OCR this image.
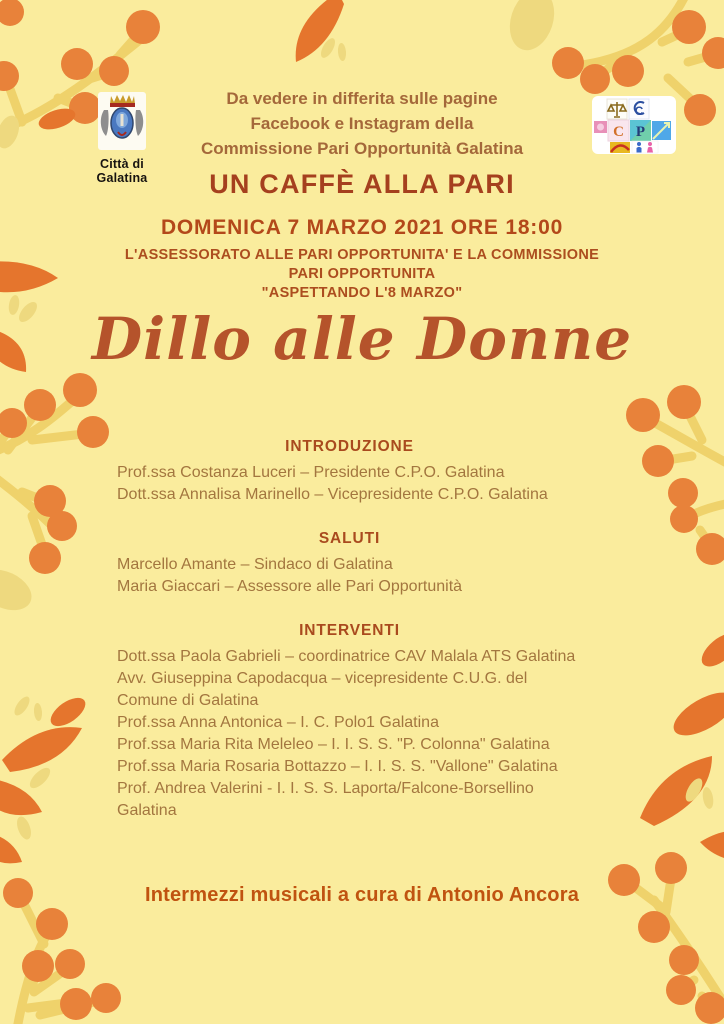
Città di Galatina
C
C P
Da vedere in differita sulle pagine
Facebook e Instagram della
Commissione Pari Opportunità Galatina
UN CAFFÈ ALLA PARI
DOMENICA 7 MARZO 2021 ORE 18:00
L'ASSESSORATO ALLE PARI OPPORTUNITA' E LA COMMISSIONE
PARI OPPORTUNITA
"ASPETTANDO L'8 MARZO"
Dillo alle Donne
INTRODUZIONE
Prof.ssa Costanza Luceri – Presidente C.P.O. Galatina
Dott.ssa Annalisa Marinello – Vicepresidente C.P.O. Galatina
SALUTI
Marcello Amante – Sindaco di Galatina
Maria Giaccari – Assessore alle Pari Opportunità
INTERVENTI
Dott.ssa Paola Gabrieli – coordinatrice CAV Malala ATS Galatina
Avv. Giuseppina Capodacqua – vicepresidente C.U.G. del Comune di Galatina
Prof.ssa Anna Antonica – I. C. Polo1 Galatina
Prof.ssa Maria Rita Meleleo – I. I. S. S. "P. Colonna" Galatina
Prof.ssa Maria Rosaria Bottazzo – I. I. S. S. "Vallone" Galatina
Prof. Andrea Valerini - I. I. S. S. Laporta/Falcone-Borsellino Galatina
Intermezzi musicali a cura di Antonio Ancora
